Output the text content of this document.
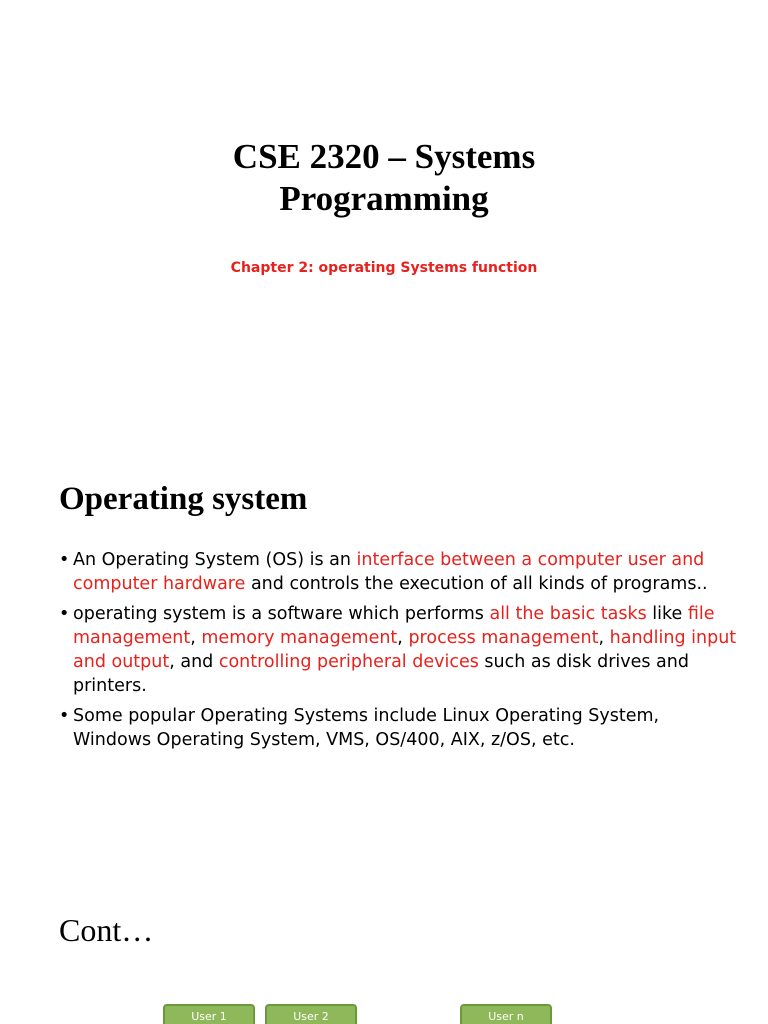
CSE 2320 – Systems
Programming
Chapter 2: operating Systems function
Operating system
• An Operating System (OS) is an interface between a computer user and computer hardware and controls the execution of all kinds of programs..
• operating system is a software which performs all the basic tasks like file management, memory management, process management, handling input and output, and controlling peripheral devices such as disk drives and printers.
• Some popular Operating Systems include Linux Operating System, Windows Operating System, VMS, OS/400, AIX, z/OS, etc.
Cont…
User 1	User 2	User n
